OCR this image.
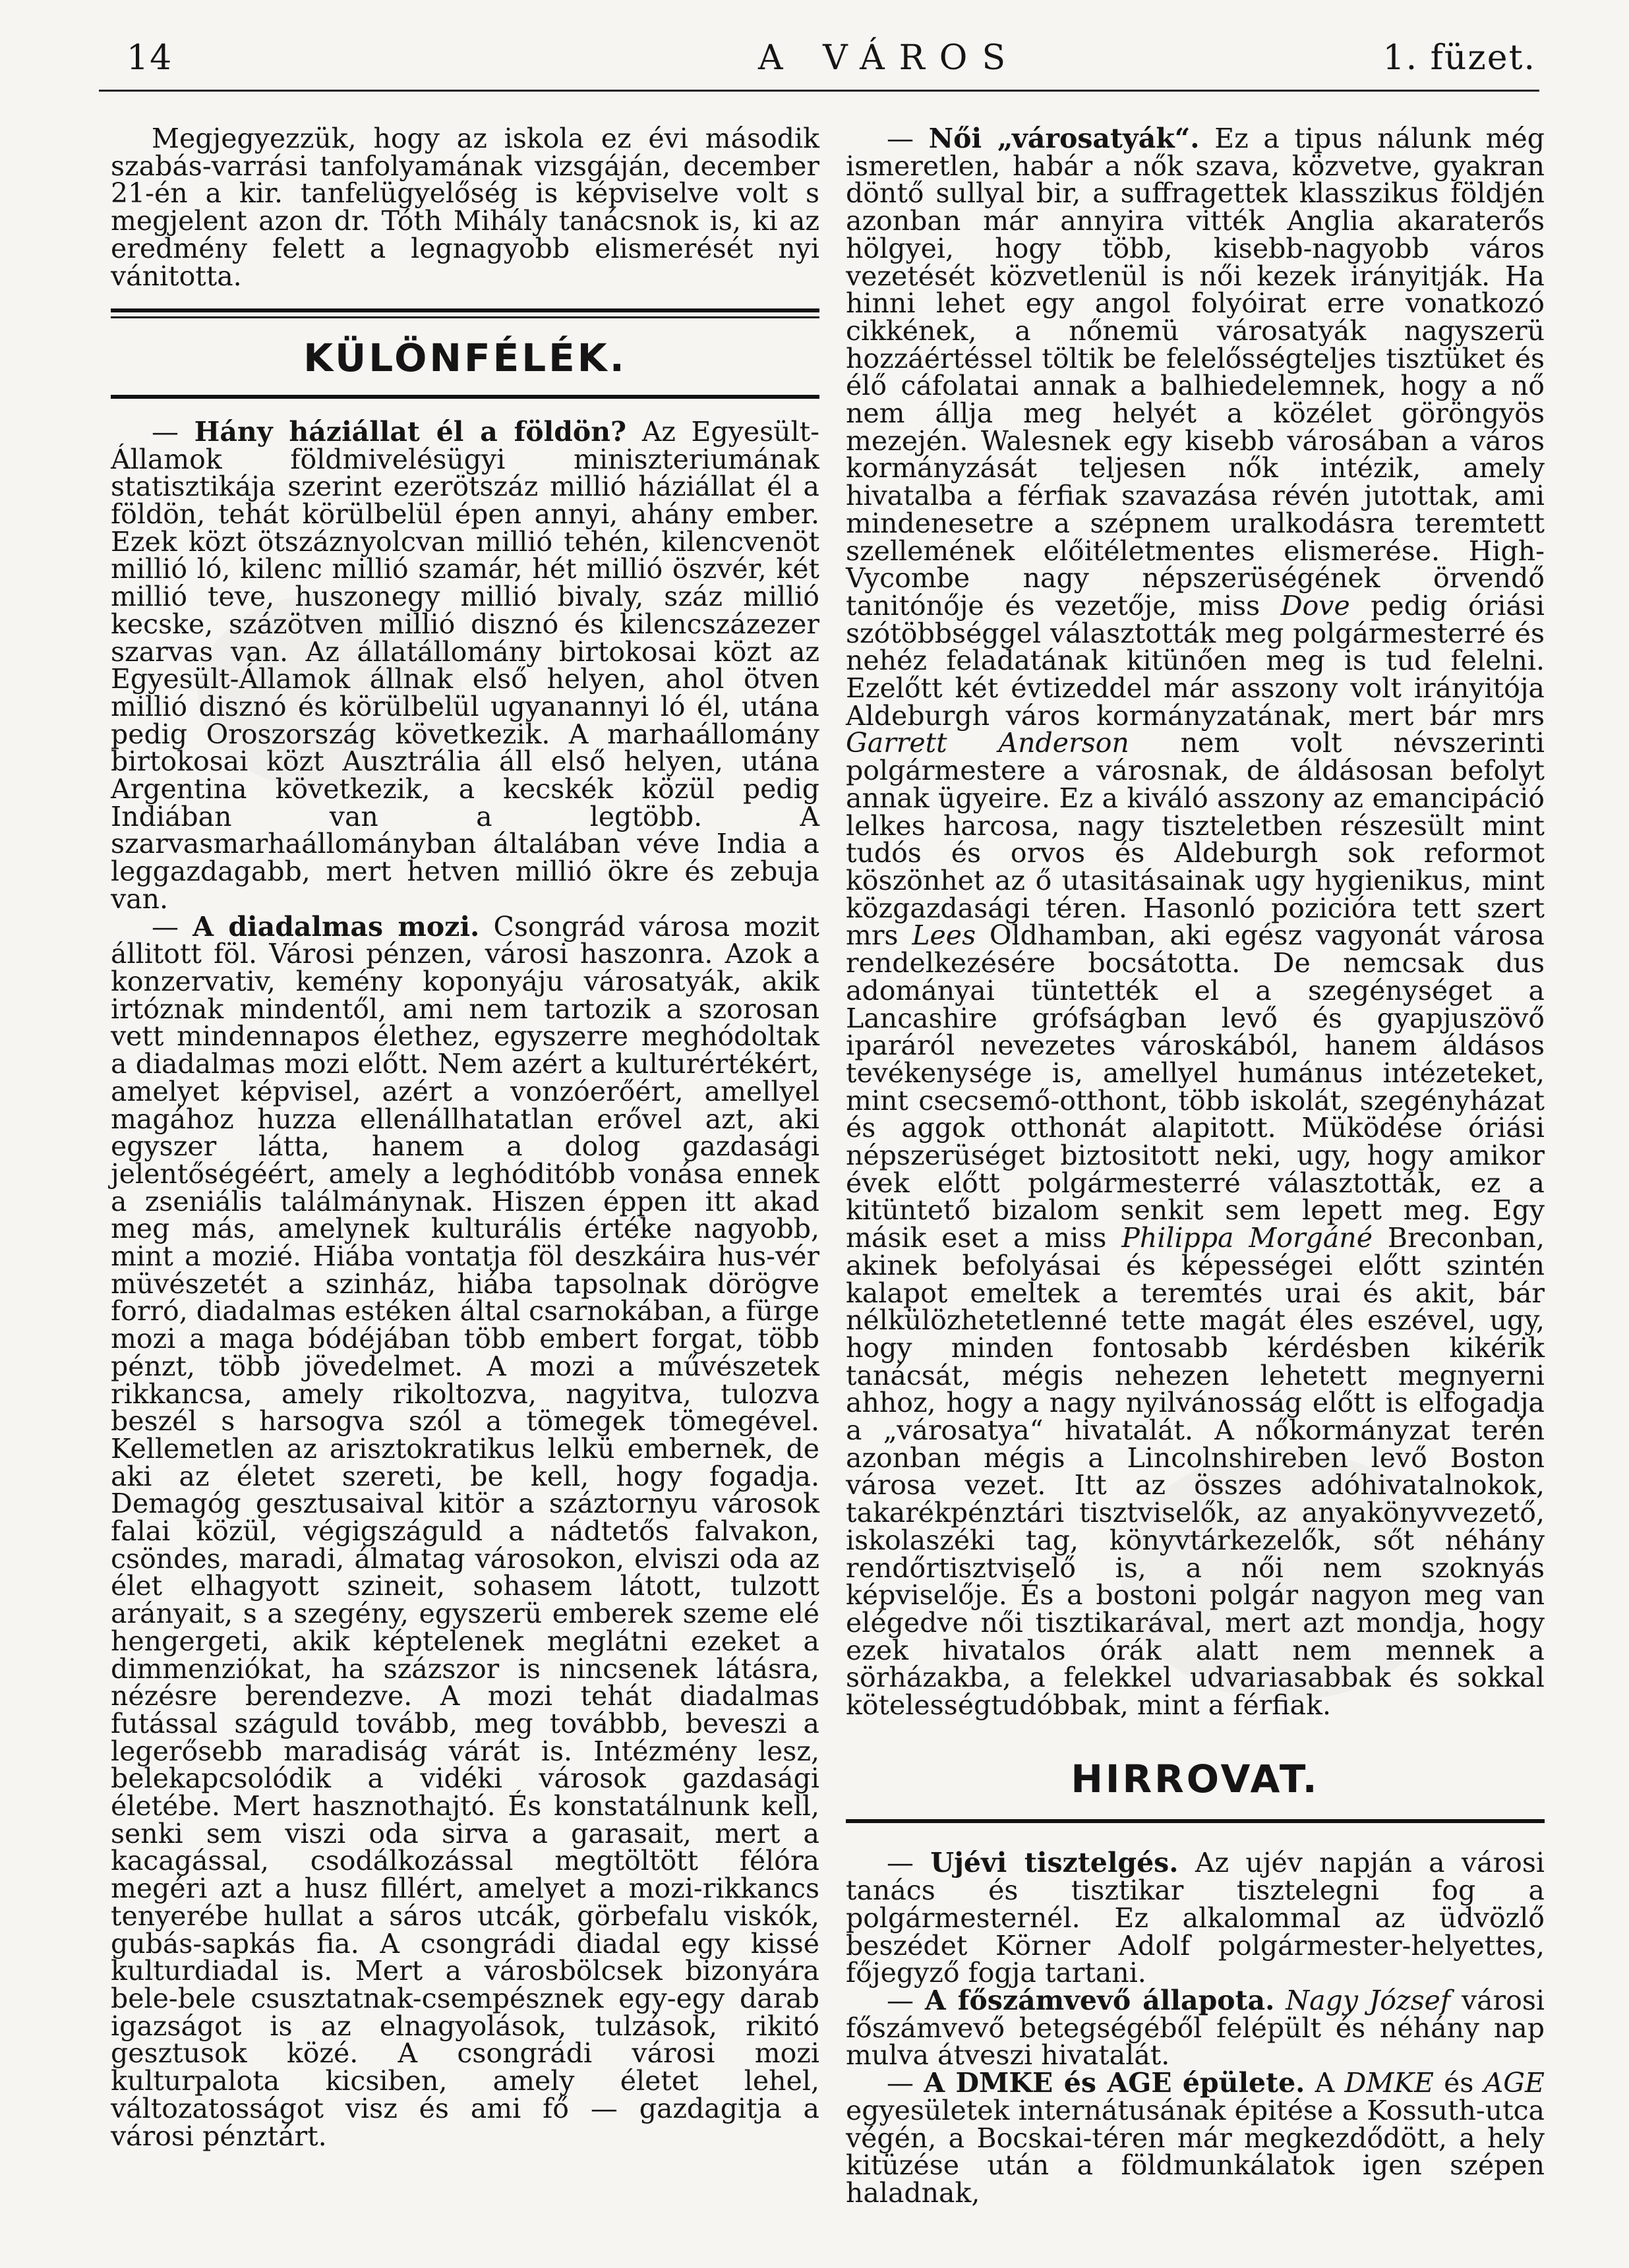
14	A VÁROS	1. füzet.

Megjegyezzük, hogy az iskola ez évi második szabás-varrási tanfolyamának vizsgáján, december 21-én a kir. tanfelügyelőség is képviselve volt s megjelent azon dr. Tóth Mihály tanácsnok is, ki az eredmény felett a legnagyobb elismerését nyi vánitotta.

KÜLÖNFÉLÉK.

— Hány háziállat él a földön? Az Egyesült-Államok földmivelésügyi miniszteriumának statisztikája szerint ezerötszáz millió háziállat él a földön, tehát körülbelül épen annyi, ahány ember. Ezek közt ötszáznyolcvan millió tehén, kilencvenöt millió ló, kilenc millió szamár, hét millió öszvér, két millió teve, huszonegy millió bivaly, száz millió kecske, százötven millió disznó és kilencszázezer szarvas van. Az állatállomány birtokosai közt az Egyesült-Államok állnak első helyen, ahol ötven millió disznó és körülbelül ugyanannyi ló él, utána pedig Oroszország következik. A marhaállomány birtokosai közt Ausztrália áll első helyen, utána Argentina következik, a kecskék közül pedig Indiában van a legtöbb. A szarvasmarhaállományban általában véve India a leggazdagabb, mert hetven millió ökre és zebuja van.

— A diadalmas mozi. Csongrád városa mozit állitott föl. Városi pénzen, városi haszonra. Azok a konzervativ, kemény koponyáju városatyák, akik irtóznak mindentől, ami nem tartozik a szorosan vett mindennapos élethez, egyszerre meghódoltak a diadalmas mozi előtt. Nem azért a kulturértékért, amelyet képvisel, azért a vonzóerőért, amellyel magához huzza ellenállhatatlan erővel azt, aki egyszer látta, hanem a dolog gazdasági jelentőségéért, amely a leghóditóbb vonása ennek a zseniális találmánynak. Hiszen éppen itt akad meg más, amelynek kulturális értéke nagyobb, mint a mozié. Hiába vontatja föl deszkáira hus-vér müvészetét a szinház, hiába tapsolnak dörögve forró, diadalmas estéken által csarnokában, a fürge mozi a maga bódéjában több embert forgat, több pénzt, több jövedelmet. A mozi a művészetek rikkancsa, amely rikoltozva, nagyitva, tulozva beszél s harsogva szól a tömegek tömegével. Kellemetlen az arisztokratikus lelkü embernek, de aki az életet szereti, be kell, hogy fogadja. Demagóg gesztusaival kitör a száztornyu városok falai közül, végigszáguld a nádtetős falvakon, csöndes, maradi, álmatag városokon, elviszi oda az élet elhagyott szineit, sohasem látott, tulzott arányait, s a szegény, egyszerü emberek szeme elé hengergeti, akik képtelenek meglátni ezeket a dimmenziókat, ha százszor is nincsenek látásra, nézésre berendezve. A mozi tehát diadalmas futással száguld tovább, meg továbbb, beveszi a legerősebb maradiság várát is. Intézmény lesz, belekapcsolódik a vidéki városok gazdasági életébe. Mert hasznothajtó. És konstatálnunk kell, senki sem viszi oda sirva a garasait, mert a kacagással, csodálkozással megtöltött félóra megéri azt a husz fillért, amelyet a mozi-rikkancs tenyerébe hullat a sáros utcák, görbefalu viskók, gubás-sapkás fia. A csongrádi diadal egy kissé kulturdiadal is. Mert a városbölcsek bizonyára bele-bele csusztatnak-csempésznek egy-egy darab igazságot is az elnagyolások, tulzások, rikitó gesztusok közé. A csongrádi városi mozi kulturpalota kicsiben, amely életet lehel, változatosságot visz és ami fő — gazdagitja a városi pénztárt.

— Női „városatyák“. Ez a tipus nálunk még ismeretlen, habár a nők szava, közvetve, gyakran döntő sullyal bir, a suffragettek klasszikus földjén azonban már annyira vitték Anglia akaraterős hölgyei, hogy több, kisebb-nagyobb város vezetését közvetlenül is női kezek irányitják. Ha hinni lehet egy angol folyóirat erre vonatkozó cikkének, a nőnemü városatyák nagyszerü hozzáértéssel töltik be felelősségteljes tisztüket és élő cáfolatai annak a balhiedelemnek, hogy a nő nem állja meg helyét a közélet göröngyös mezején. Walesnek egy kisebb városában a város kormányzását teljesen nők intézik, amely hivatalba a férfiak szavazása révén jutottak, ami mindenesetre a szépnem uralkodásra teremtett szellemének előitéletmentes elismerése. High-Vycombe nagy népszerüségének örvendő tanitónője és vezetője, miss Dove pedig óriási szótöbbséggel választották meg polgármesterré és nehéz feladatának kitünően meg is tud felelni. Ezelőtt két évtizeddel már asszony volt irányitója Aldeburgh város kormányzatának, mert bár mrs Garrett Anderson nem volt névszerinti polgármestere a városnak, de áldásosan befolyt annak ügyeire. Ez a kiváló asszony az emancipáció lelkes harcosa, nagy tiszteletben részesült mint tudós és orvos és Aldeburgh sok reformot köszönhet az ő utasitásainak ugy hygienikus, mint közgazdasági téren. Hasonló pozicióra tett szert mrs Lees Oldhamban, aki egész vagyonát városa rendelkezésére bocsátotta. De nemcsak dus adományai tüntették el a szegénységet a Lancashire grófságban levő és gyapjuszövő iparáról nevezetes városkából, hanem áldásos tevékenysége is, amellyel humánus intézeteket, mint csecsemő-otthont, több iskolát, szegényházat és aggok otthonát alapitott. Müködése óriási népszerüséget biztositott neki, ugy, hogy amikor évek előtt polgármesterré választották, ez a kitüntető bizalom senkit sem lepett meg. Egy másik eset a miss Philippa Morgáné Breconban, akinek befolyásai és képességei előtt szintén kalapot emeltek a teremtés urai és akit, bár nélkülözhetetlenné tette magát éles eszével, ugy, hogy minden fontosabb kérdésben kikérik tanácsát, mégis nehezen lehetett megnyerni ahhoz, hogy a nagy nyilvánosság előtt is elfogadja a „városatya“ hivatalát. A nőkormányzat terén azonban mégis a Lincolnshireben levő Boston városa vezet. Itt az összes adóhivatalnokok, takarékpénztári tisztviselők, az anyakönyvvezető, iskolaszéki tag, könyvtárkezelők, sőt néhány rendőrtisztviselő is, a női nem szoknyás képviselője. És a bostoni polgár nagyon meg van elégedve női tisztikarával, mert azt mondja, hogy ezek hivatalos órák alatt nem mennek a sörházakba, a felekkel udvariasabbak és sokkal kötelességtudóbbak, mint a férfiak.

HIRROVAT.

— Ujévi tisztelgés. Az ujév napján a városi tanács és tisztikar tisztelegni fog a polgármesternél. Ez alkalommal az üdvözlő beszédet Körner Adolf polgármester-helyettes, főjegyző fogja tartani.

— A főszámvevő állapota. Nagy József városi főszámvevő betegségéből felépült és néhány nap mulva átveszi hivatalát.

— A DMKE és AGE épülete. A DMKE és AGE egyesületek internátusának épitése a Kossuth-utca végén, a Bocskai-téren már megkezdődött, a hely kitüzése után a földmunkálatok igen szépen haladnak,
